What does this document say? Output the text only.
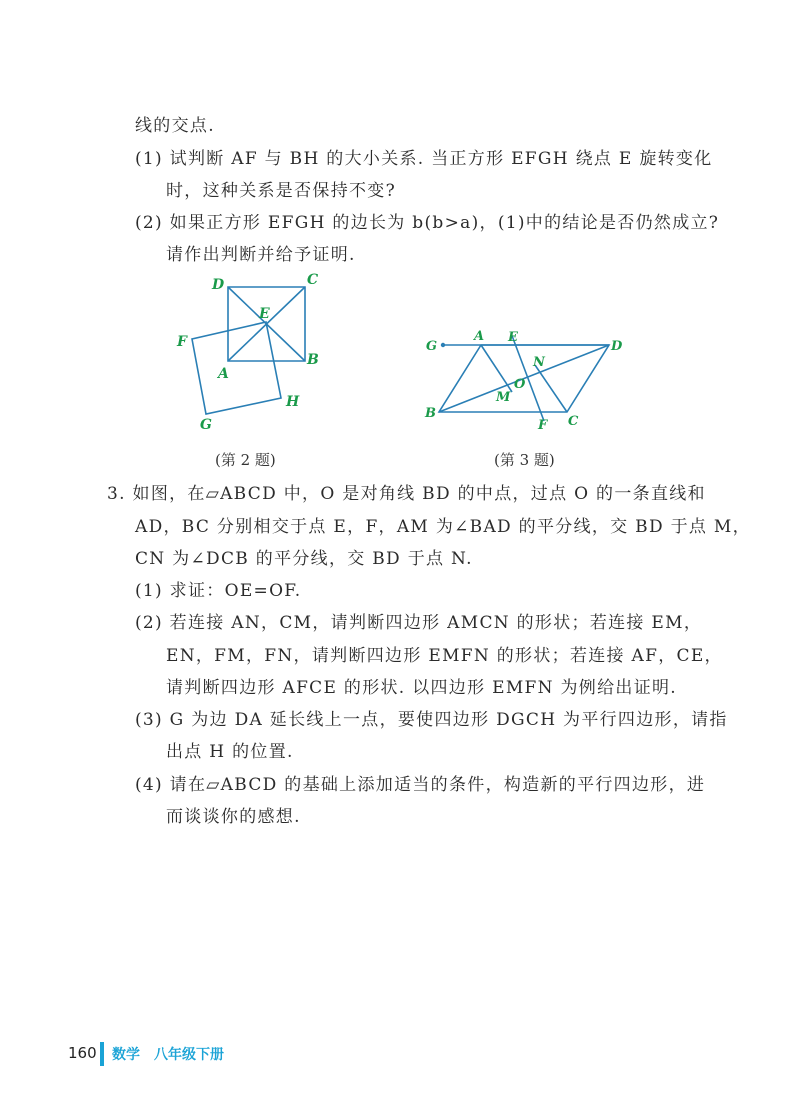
线的交点.
(1) 试判断 AF 与 BH 的大小关系. 当正方形 EFGH 绕点 E 旋转变化
时，这种关系是否保持不变?
(2) 如果正方形 EFGH 的边长为 b(b>a)，(1)中的结论是否仍然成立?
请作出判断并给予证明.
D	C
E
F
B
A
H
G
G
A E
D
N
O
M
B
F C
(第 2 题)	(第 3 题)
3. 如图，在▱ABCD 中，O 是对角线 BD 的中点，过点 O 的一条直线和
AD，BC 分别相交于点 E，F，AM 为∠BAD 的平分线，交 BD 于点 M，
CN 为∠DCB 的平分线，交 BD 于点 N.
(1) 求证：OE=OF.
(2) 若连接 AN，CM，请判断四边形 AMCN 的形状；若连接 EM，
EN，FM，FN，请判断四边形 EMFN 的形状；若连接 AF，CE，
请判断四边形 AFCE 的形状. 以四边形 EMFN 为例给出证明.
(3) G 为边 DA 延长线上一点，要使四边形 DGCH 为平行四边形，请指
出点 H 的位置.
(4) 请在▱ABCD 的基础上添加适当的条件，构造新的平行四边形，进
而谈谈你的感想.
160 数学 八年级下册
